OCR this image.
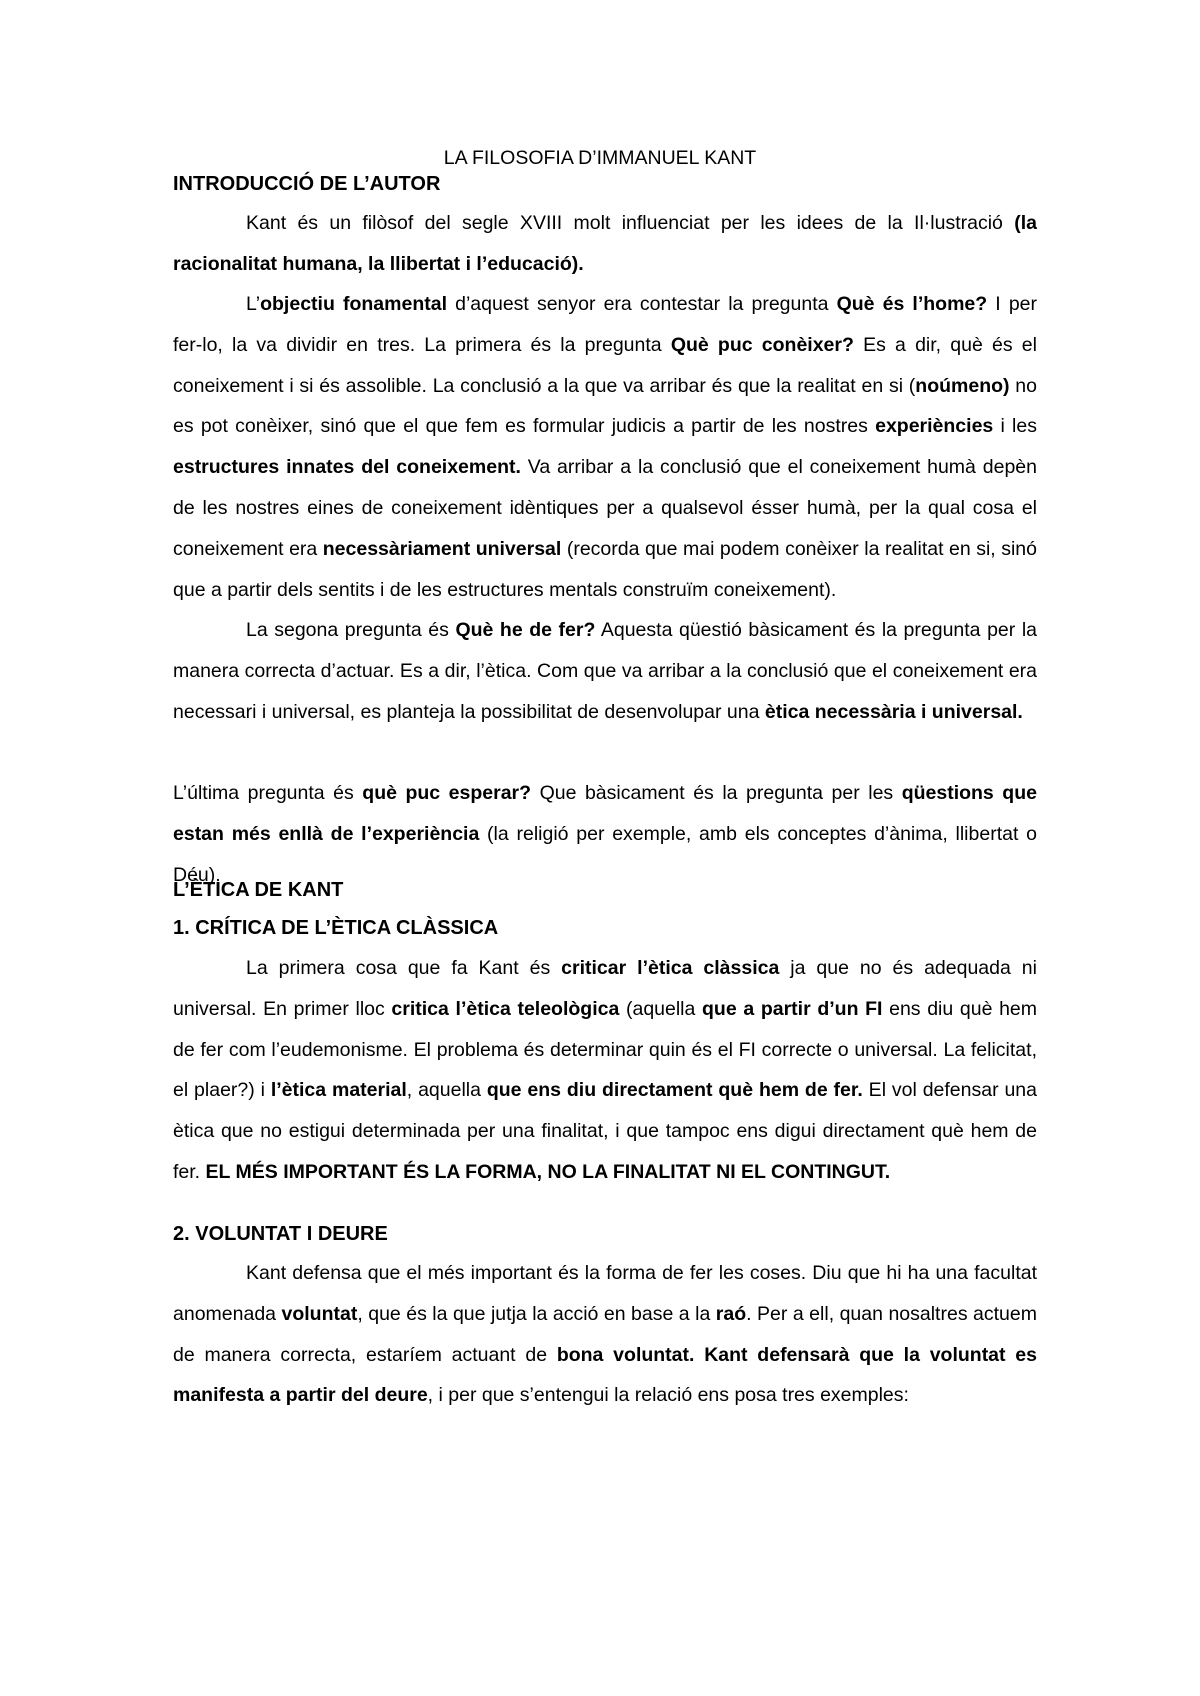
LA FILOSOFIA D’IMMANUEL KANT
INTRODUCCIÓ DE L’AUTOR
Kant és un filòsof del segle XVIII molt influenciat per les idees de la Il·lustració (la racionalitat humana, la llibertat i l’educació).
L’objectiu fonamental d’aquest senyor era contestar la pregunta Què és l’home? I per fer-lo, la va dividir en tres. La primera és la pregunta Què puc conèixer? Es a dir, què és el coneixement i si és assolible. La conclusió a la que va arribar és que la realitat en si (noúmeno) no es pot conèixer, sinó que el que fem es formular judicis a partir de les nostres experiències i les estructures innates del coneixement. Va arribar a la conclusió que el coneixement humà depèn de les nostres eines de coneixement idèntiques per a qualsevol ésser humà, per la qual cosa el coneixement era necessàriament universal (recorda que mai podem conèixer la realitat en si, sinó que a partir dels sentits i de les estructures mentals construïm coneixement).
La segona pregunta és Què he de fer? Aquesta qüestió bàsicament és la pregunta per la manera correcta d’actuar. Es a dir, l’ètica. Com que va arribar a la conclusió que el coneixement era necessari i universal, es planteja la possibilitat de desenvolupar una ètica necessària i universal.
L’última pregunta és què puc esperar? Que bàsicament és la pregunta per les qüestions que estan més enllà de l’experiència (la religió per exemple, amb els conceptes d’ànima, llibertat o Déu).
L’ÈTICA DE KANT
1. CRÍTICA DE L’ÈTICA CLÀSSICA
La primera cosa que fa Kant és criticar l’ètica clàssica ja que no és adequada ni universal. En primer lloc critica l’ètica teleològica (aquella que a partir d’un FI ens diu què hem de fer com l’eudemonisme. El problema és determinar quin és el FI correcte o universal. La felicitat, el plaer?) i l’ètica material, aquella que ens diu directament què hem de fer. El vol defensar una ètica que no estigui determinada per una finalitat, i que tampoc ens digui directament què hem de fer. EL MÉS IMPORTANT ÉS LA FORMA, NO LA FINALITAT NI EL CONTINGUT.
2. VOLUNTAT I DEURE
Kant defensa que el més important és la forma de fer les coses. Diu que hi ha una facultat anomenada voluntat, que és la que jutja la acció en base a la raó. Per a ell, quan nosaltres actuem de manera correcta, estaríem actuant de bona voluntat. Kant defensarà que la voluntat es manifesta a partir del deure, i per que s’entengui la relació ens posa tres exemples:
